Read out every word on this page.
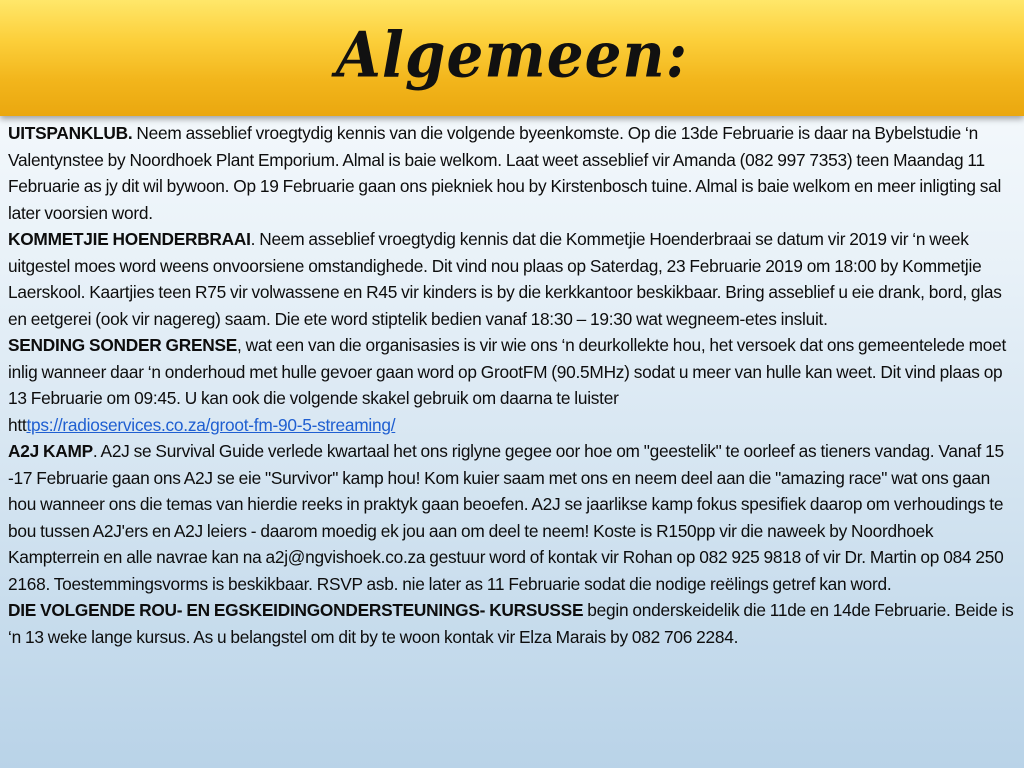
Algemeen:

UITSPANKLUB. Neem asseblief vroegtydig kennis van die volgende byeenkomste. Op die 13de Februarie is daar na Bybelstudie ‘n Valentynstee by Noordhoek Plant Emporium. Almal is baie welkom. Laat weet asseblief vir Amanda (082 997 7353) teen Maandag 11 Februarie as jy dit wil bywoon. Op 19 Februarie gaan ons piekniek hou by Kirstenbosch tuine. Almal is baie welkom en meer inligting sal later voorsien word.

KOMMETJIE HOENDERBRAAI. Neem asseblief vroegtydig kennis dat die Kommetjie Hoenderbraai se datum vir 2019 vir ‘n week uitgestel moes word weens onvoorsiene omstandighede. Dit vind nou plaas op Saterdag, 23 Februarie 2019 om 18:00 by Kommetjie Laerskool. Kaartjies teen R75 vir volwassene en R45 vir kinders is by die kerkkantoor beskikbaar. Bring asseblief u eie drank, bord, glas en eetgerei (ook vir nagereg) saam. Die ete word stiptelik bedien vanaf 18:30 – 19:30 wat wegneem-etes insluit.

SENDING SONDER GRENSE, wat een van die organisasies is vir wie ons ‘n deurkollekte hou, het versoek dat ons gemeentelede moet inlig wanneer daar ‘n onderhoud met hulle gevoer gaan word op GrootFM (90.5MHz) sodat u meer van hulle kan weet. Dit vind plaas op 13 Februarie om 09:45. U kan ook die volgende skakel gebruik om daarna te luister
htttps://radioservices.co.za/groot-fm-90-5-streaming/

A2J KAMP. A2J se Survival Guide verlede kwartaal het ons riglyne gegee oor hoe om "geestelik" te oorleef as tieners vandag. Vanaf 15 -17 Februarie gaan ons A2J se eie "Survivor" kamp hou! Kom kuier saam met ons en neem deel aan die "amazing race" wat ons gaan hou wanneer ons die temas van hierdie reeks in praktyk gaan beoefen. A2J se jaarlikse kamp fokus spesifiek daarop om verhoudings te bou tussen A2J'ers en A2J leiers - daarom moedig ek jou aan om deel te neem! Koste is R150pp vir die naweek by Noordhoek Kampterrein en alle navrae kan na a2j@ngvishoek.co.za gestuur word of kontak vir Rohan op 082 925 9818 of vir Dr. Martin op 084 250 2168. Toestemmingsvorms is beskikbaar. RSVP asb. nie later as 11 Februarie sodat die nodige reëlings getref kan word.

DIE VOLGENDE ROU- EN EGSKEIDINGONDERSTEUNINGS- KURSUSSE begin onderskeidelik die 11de en 14de Februarie. Beide is ‘n 13 weke lange kursus. As u belangstel om dit by te woon kontak vir Elza Marais by 082 706 2284.
